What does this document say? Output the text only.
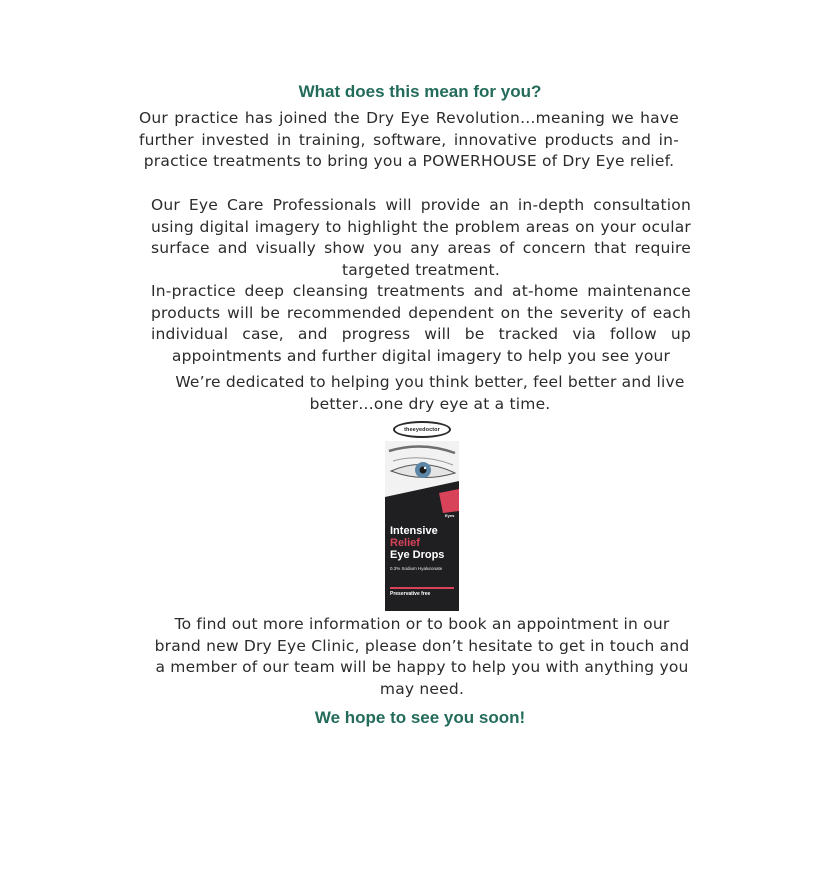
What does this mean for you?
Our practice has joined the Dry Eye Revolution…meaning we have further invested in training, software, innovative products and in-practice treatments to bring you a POWERHOUSE of Dry Eye relief.
Our Eye Care Professionals will provide an in-depth consultation using digital imagery to highlight the problem areas on your ocular surface and visually show you any areas of concern that require targeted treatment.
In-practice deep cleansing treatments and at-home maintenance products will be recommended dependent on the severity of each individual case, and progress will be tracked via follow up appointments and further digital imagery to help you see your
We’re dedicated to helping you think better, feel better and live better…one dry eye at a time.
theeyedoctor
Eyes
Intensive
Relief
Eye Drops
0.3% Sodium Hyaluronate
Preservative free
To find out more information or to book an appointment in our brand new Dry Eye Clinic, please don’t hesitate to get in touch and a member of our team will be happy to help you with anything you may need.
We hope to see you soon!
